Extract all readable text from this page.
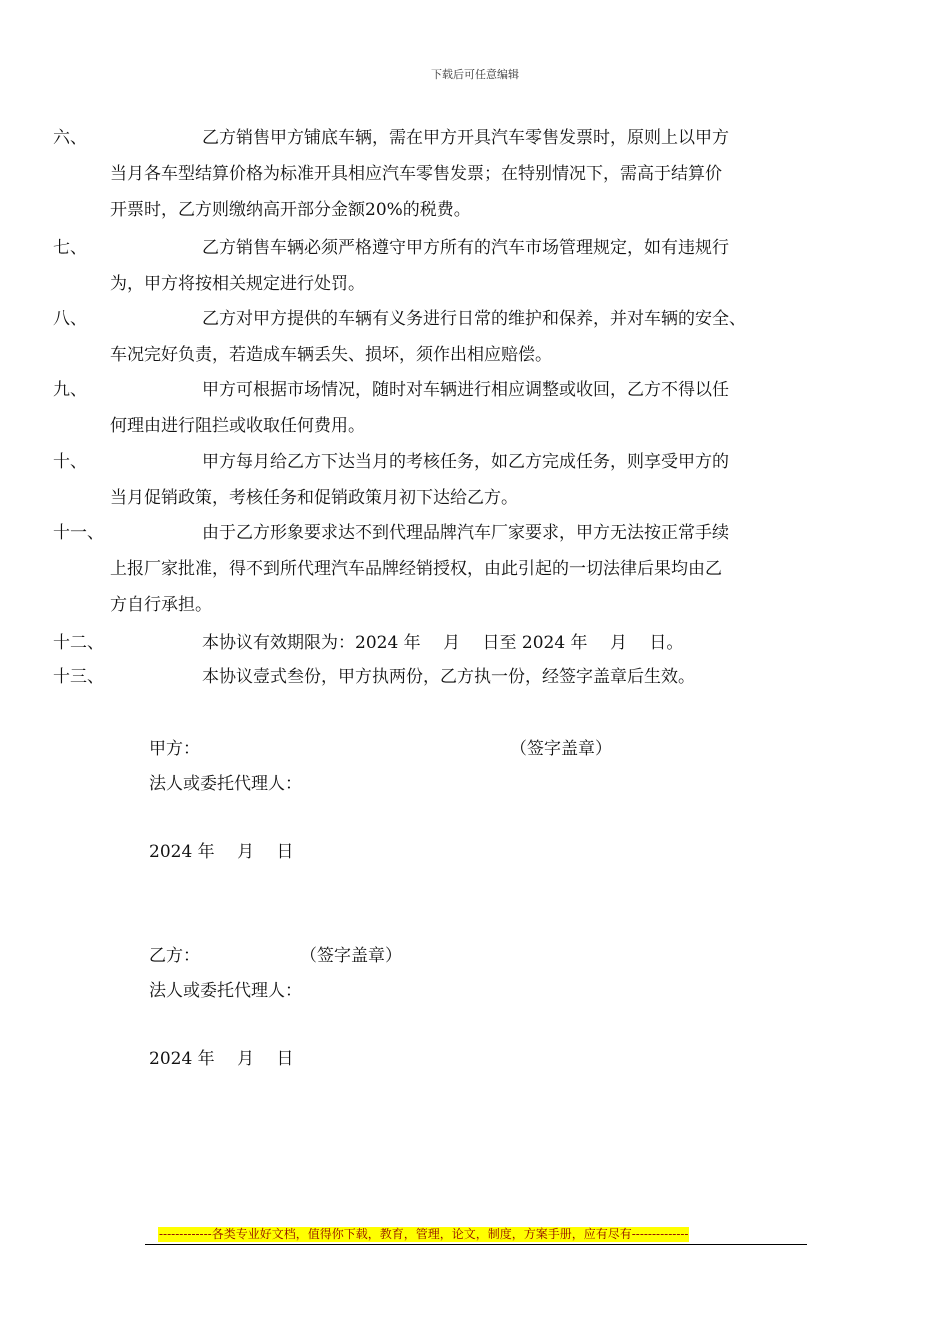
下载后可任意编辑
六、	乙方销售甲方铺底车辆，需在甲方开具汽车零售发票时，原则上以甲方
当月各车型结算价格为标准开具相应汽车零售发票；在特别情况下，需高于结算价
开票时，乙方则缴纳高开部分金额20%的税费。
七、	乙方销售车辆必须严格遵守甲方所有的汽车市场管理规定，如有违规行
为，甲方将按相关规定进行处罚。
八、	乙方对甲方提供的车辆有义务进行日常的维护和保养，并对车辆的安全、
车况完好负责，若造成车辆丢失、损坏，须作出相应赔偿。
九、	甲方可根据市场情况，随时对车辆进行相应调整或收回，乙方不得以任
何理由进行阻拦或收取任何费用。
十、	甲方每月给乙方下达当月的考核任务，如乙方完成任务，则享受甲方的
当月促销政策，考核任务和促销政策月初下达给乙方。
十一、	由于乙方形象要求达不到代理品牌汽车厂家要求，甲方无法按正常手续
上报厂家批准，得不到所代理汽车品牌经销授权，由此引起的一切法律后果均由乙
方自行承担。
十二、	本协议有效期限为：2024 年　 月　 日至 2024 年　 月　 日。
十三、	本协议壹式叁份，甲方执两份，乙方执一份，经签字盖章后生效。
甲方：	（签字盖章）
法人或委托代理人：
2024 年　 月　 日
乙方：	（签字盖章）
法人或委托代理人：
2024 年　 月　 日
-------------各类专业好文档，值得你下载，教育，管理，论文，制度，方案手册，应有尽有--------------
